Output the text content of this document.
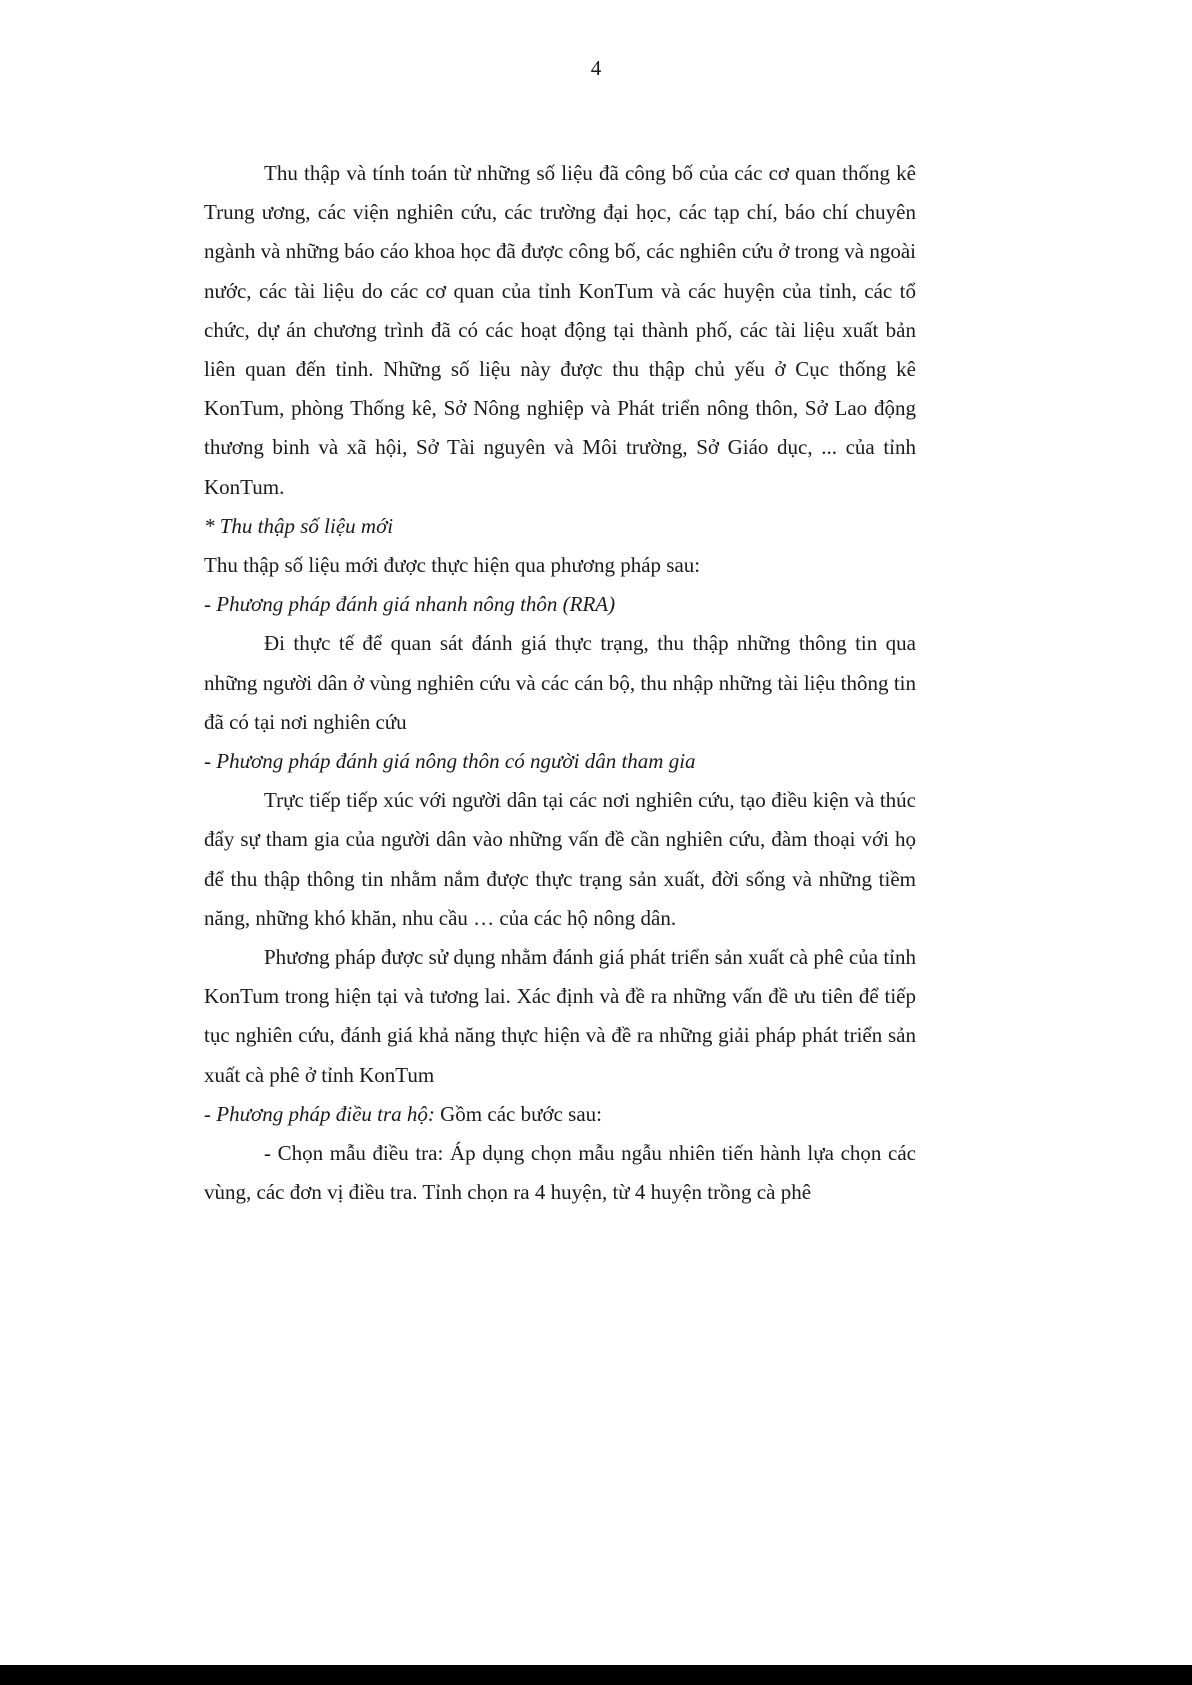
4

Thu thập và tính toán từ những số liệu đã công bố của các cơ quan thống kê Trung ương, các viện nghiên cứu, các trường đại học, các tạp chí, báo chí chuyên ngành và những báo cáo khoa học đã được công bố, các nghiên cứu ở trong và ngoài nước, các tài liệu do các cơ quan của tỉnh KonTum và các huyện của tỉnh, các tổ chức, dự án chương trình đã có các hoạt động tại thành phố, các tài liệu xuất bản liên quan đến tỉnh. Những số liệu này được thu thập chủ yếu ở Cục thống kê KonTum, phòng Thống kê, Sở Nông nghiệp và Phát triển nông thôn, Sở Lao động thương binh và xã hội, Sở Tài nguyên và Môi trường, Sở Giáo dục, ... của tỉnh KonTum.

* Thu thập số liệu mới

Thu thập số liệu mới được thực hiện qua phương pháp sau:

- Phương pháp đánh giá nhanh nông thôn (RRA)

Đi thực tế để quan sát đánh giá thực trạng, thu thập những thông tin qua những người dân ở vùng nghiên cứu và các cán bộ, thu nhập những tài liệu thông tin đã có tại nơi nghiên cứu

- Phương pháp đánh giá nông thôn có người dân tham gia

Trực tiếp tiếp xúc với người dân tại các nơi nghiên cứu, tạo điều kiện và thúc đẩy sự tham gia của người dân vào những vấn đề cần nghiên cứu, đàm thoại với họ để thu thập thông tin nhằm nắm được thực trạng sản xuất, đời sống và những tiềm năng, những khó khăn, nhu cầu … của các hộ nông dân.

Phương pháp được sử dụng nhằm đánh giá phát triển sản xuất cà phê của tỉnh KonTum trong hiện tại và tương lai. Xác định và đề ra những vấn đề ưu tiên để tiếp tục nghiên cứu, đánh giá khả năng thực hiện và đề ra những giải pháp phát triển sản xuất cà phê ở tỉnh KonTum

- Phương pháp điều tra hộ: Gồm các bước sau:

- Chọn mẫu điều tra: Áp dụng chọn mẫu ngẫu nhiên tiến hành lựa chọn các vùng, các đơn vị điều tra. Tỉnh chọn ra 4 huyện, từ 4 huyện trồng cà phê
